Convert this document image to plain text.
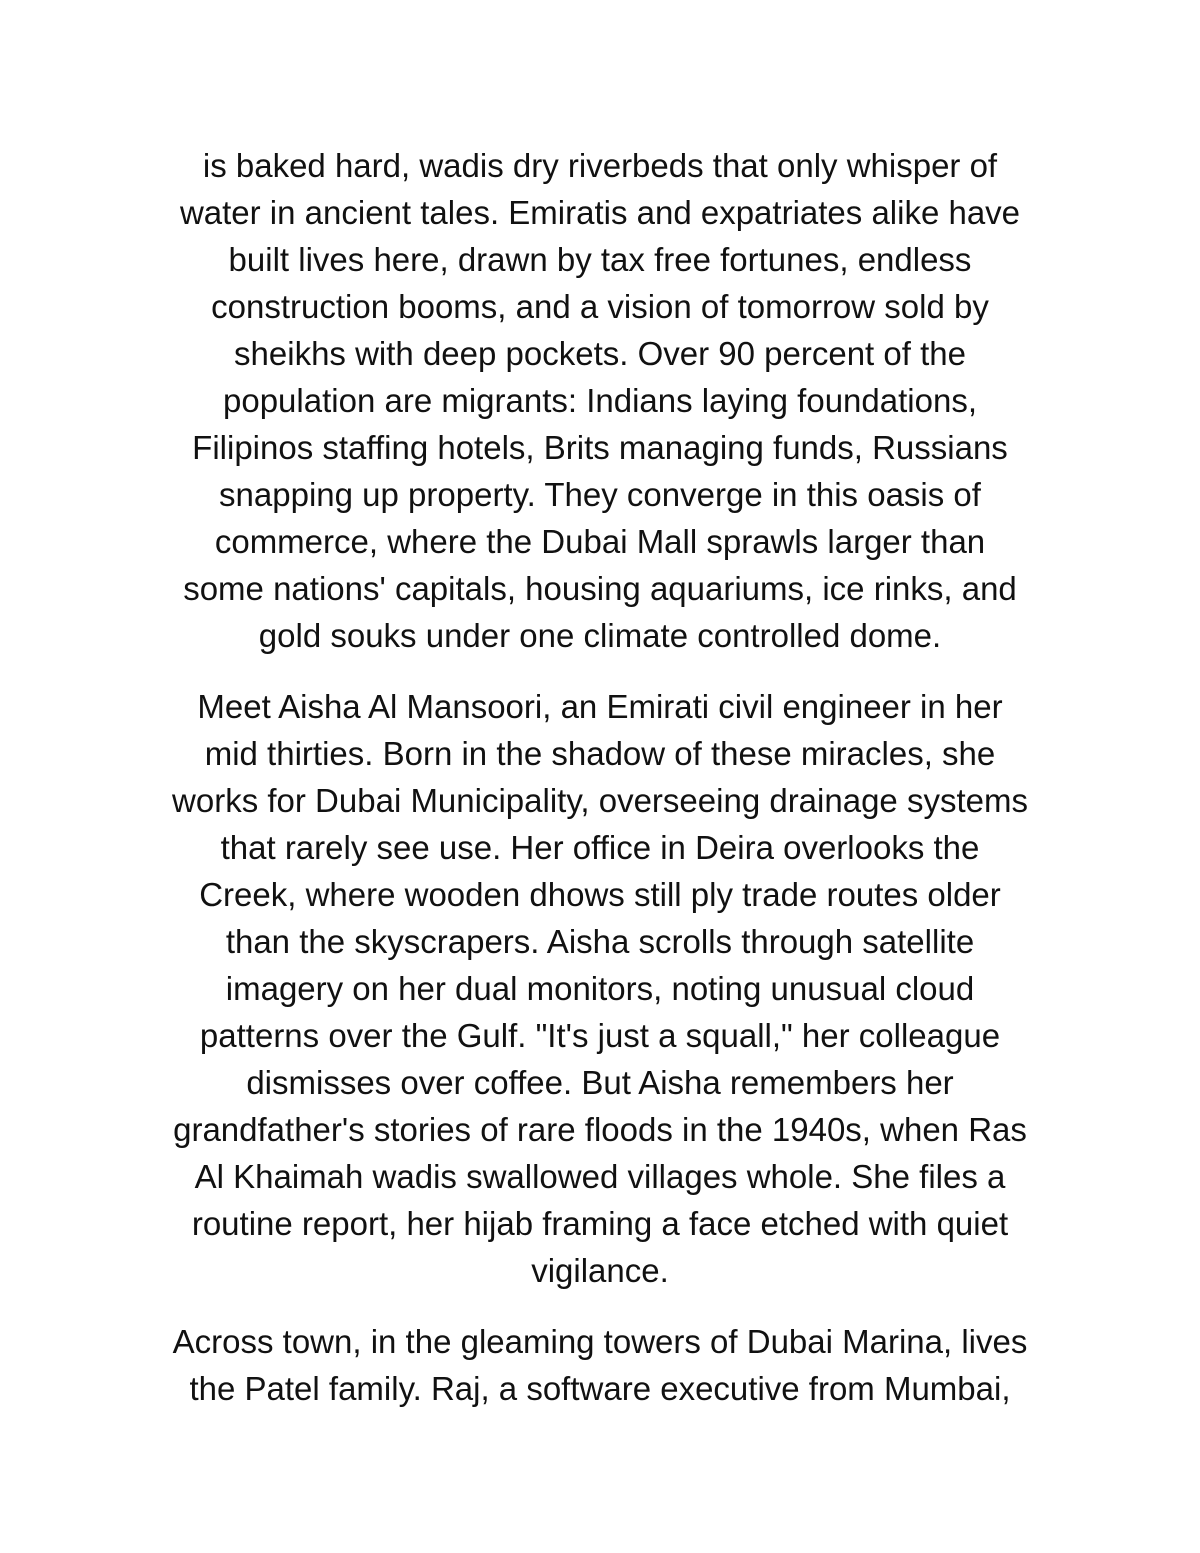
is baked hard, wadis dry riverbeds that only whisper of
water in ancient tales. Emiratis and expatriates alike have
built lives here, drawn by tax free fortunes, endless
construction booms, and a vision of tomorrow sold by
sheikhs with deep pockets. Over 90 percent of the
population are migrants: Indians laying foundations,
Filipinos staffing hotels, Brits managing funds, Russians
snapping up property. They converge in this oasis of
commerce, where the Dubai Mall sprawls larger than
some nations' capitals, housing aquariums, ice rinks, and
gold souks under one climate controlled dome.

Meet Aisha Al Mansoori, an Emirati civil engineer in her
mid thirties. Born in the shadow of these miracles, she
works for Dubai Municipality, overseeing drainage systems
that rarely see use. Her office in Deira overlooks the
Creek, where wooden dhows still ply trade routes older
than the skyscrapers. Aisha scrolls through satellite
imagery on her dual monitors, noting unusual cloud
patterns over the Gulf. "It's just a squall," her colleague
dismisses over coffee. But Aisha remembers her
grandfather's stories of rare floods in the 1940s, when Ras
Al Khaimah wadis swallowed villages whole. She files a
routine report, her hijab framing a face etched with quiet
vigilance.

Across town, in the gleaming towers of Dubai Marina, lives
the Patel family. Raj, a software executive from Mumbai,
